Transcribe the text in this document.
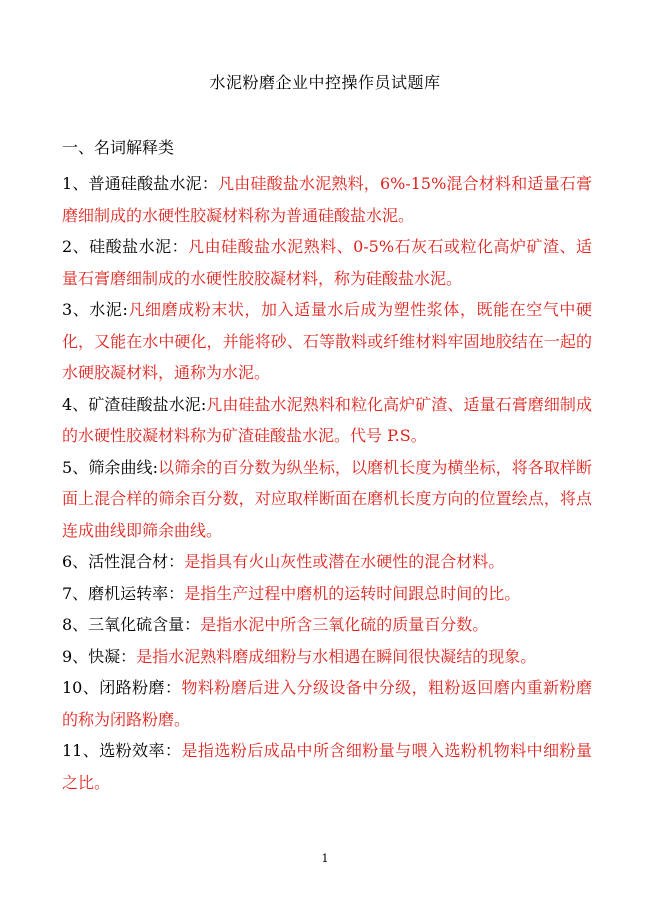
水泥粉磨企业中控操作员试题库
一、名词解释类
1、普通硅酸盐水泥：凡由硅酸盐水泥熟料，6%-15%混合材料和适量石膏磨细制成的水硬性胶凝材料称为普通硅酸盐水泥。
2、硅酸盐水泥：凡由硅酸盐水泥熟料、0-5%石灰石或粒化高炉矿渣、适量石膏磨细制成的水硬性胶胶凝材料，称为硅酸盐水泥。
3、水泥:凡细磨成粉末状，加入适量水后成为塑性浆体，既能在空气中硬化，又能在水中硬化，并能将砂、石等散料或纤维材料牢固地胶结在一起的水硬胶凝材料，通称为水泥。
4、矿渣硅酸盐水泥:凡由硅盐水泥熟料和粒化高炉矿渣、适量石膏磨细制成的水硬性胶凝材料称为矿渣硅酸盐水泥。代号 P.S。
5、筛余曲线:以筛余的百分数为纵坐标，以磨机长度为横坐标，将各取样断面上混合样的筛余百分数，对应取样断面在磨机长度方向的位置绘点，将点连成曲线即筛余曲线。
6、活性混合材：是指具有火山灰性或潜在水硬性的混合材料。
7、磨机运转率：是指生产过程中磨机的运转时间跟总时间的比。
8、三氧化硫含量：是指水泥中所含三氧化硫的质量百分数。
9、快凝：是指水泥熟料磨成细粉与水相遇在瞬间很快凝结的现象。
10、闭路粉磨：物料粉磨后进入分级设备中分级，粗粉返回磨内重新粉磨的称为闭路粉磨。
11、选粉效率：是指选粉后成品中所含细粉量与喂入选粉机物料中细粉量之比。
1
